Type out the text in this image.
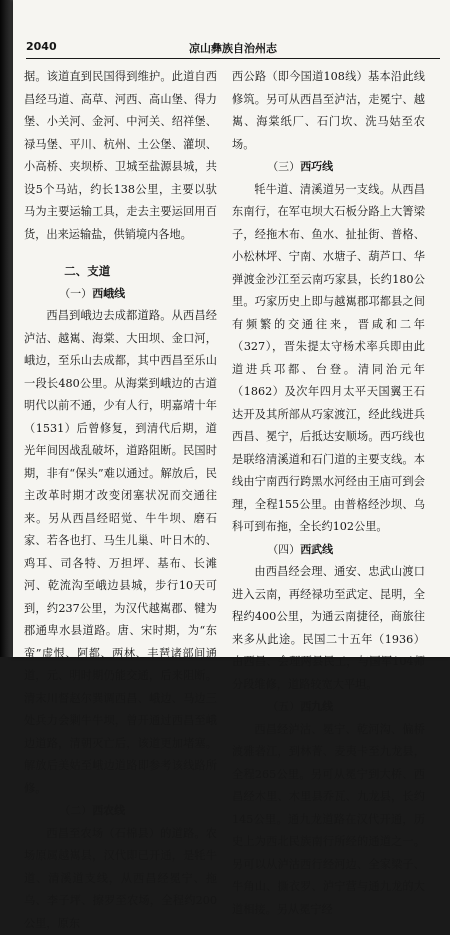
2040	凉山彝族自治州志

据。该道直到民国得到维护。此道自西昌经马道、高草、河西、高山堡、得力堡、小关河、金河、中河关、绍祥堡、禄马堡、平川、杭州、土公堡、灌坝、小高桥、夹坝桥、卫城至盐源县城，共设5个马站，约长138公里，主要以驮马为主要运输工具，走去主要运回用百货，出来运输盐，供销境内各地。

二、支道

（一）西峨线

西昌到峨边去成都道路。从西昌经泸沽、越嶲、海棠、大田坝、金口河，峨边，至乐山去成都，其中西昌至乐山一段长480公里。从海棠到峨边的古道明代以前不通，少有人行，明嘉靖十年（1531）后曾修复，到清代后期，道光年间因战乱破坏，道路阻断。民国时期，非有“保头”难以通过。解放后，民主改革时期才改变闭塞状况而交通往来。另从西昌经昭觉、牛牛坝、磨石家、若各也打、马生儿巢、叶日木的、鸡耳、司各特、万担坪、基布、长滩河、乾流沟至峨边县城，步行10天可到，约237公里，为汉代越嶲郡、犍为郡通卑水县道路。唐、宋时期，为“东蛮”虚恨、阿都、两林、丰琶诸部间通道，元、明时期仍能交通，后来阻断。清末川督赵尔巽调西昌、峨边、马边三处兵力会剿牛牛坝，曾开通过西昌至峨边道路，清朝灭亡后，该道更加堵塞。解放后美姑至峨边道路即参考该线路所修。

（二）西农线

西昌至农场（石棉县）的道路。农场原属越嶲县，汉代即已开通，是牦牛道、清溪道支线，从西昌经冕宁、拖乌、李子坪、擦罗至农场，全程约200公里，原东

西公路（即今国道108线）基本沿此线修筑。另可从西昌至泸沽，走冕宁、越嶲、海棠纸厂、石门坎、洗马姑至农场。

（三）西巧线

牦牛道、清溪道另一支线。从西昌东南行，在军屯坝大石板分路上大箐梁子，经拖木布、鱼水、扯扯街、普格、小松林坪、宁南、水塘子、葫芦口、华弹渡金沙江至云南巧家县，长约180公里。巧家历史上即与越嶲郡邛都县之间有频繁的交通往来，晋咸和二年（327），晋朱提太守杨术率兵即由此道进兵邛都、台登。清同治元年（1862）及次年四月太平天国翼王石达开及其所部从巧家渡江，经此线进兵西昌、冕宁，后抵达安顺场。西巧线也是联络清溪道和石门道的主要支线。本线由宁南西行跨黑水河经由王庙可到会理，全程155公里。由普格经沙坝、乌科可到布拖，全长约102公里。

（四）西武线

由西昌经会理、通安、忠武山渡口进入云南，再经禄功至武定、昆明，全程约400公里，为通云南捷径，商旅往来多从此途。民国二十五年（1936）由西昌、会理两县民工，与国军104师分段维修，道路较宽大平坦。

（五）西九线

西昌经泸沽、冕宁、乾河沟、偏桥渡雅砻江，到林菁、麦夷卡至九龙县，全程265公里。另可从冕宁到大桥、西昌经木里、木里县乔瓦、九龙县，长约145公里。通九龙道路在汉代开通，历史上为西北民族南行所经的通道之一。另可以从泸沽西行经河边、全家梁子、牛角山、撕衣罗、泸宁营与通九龙的大道相接。另从冕宁经
